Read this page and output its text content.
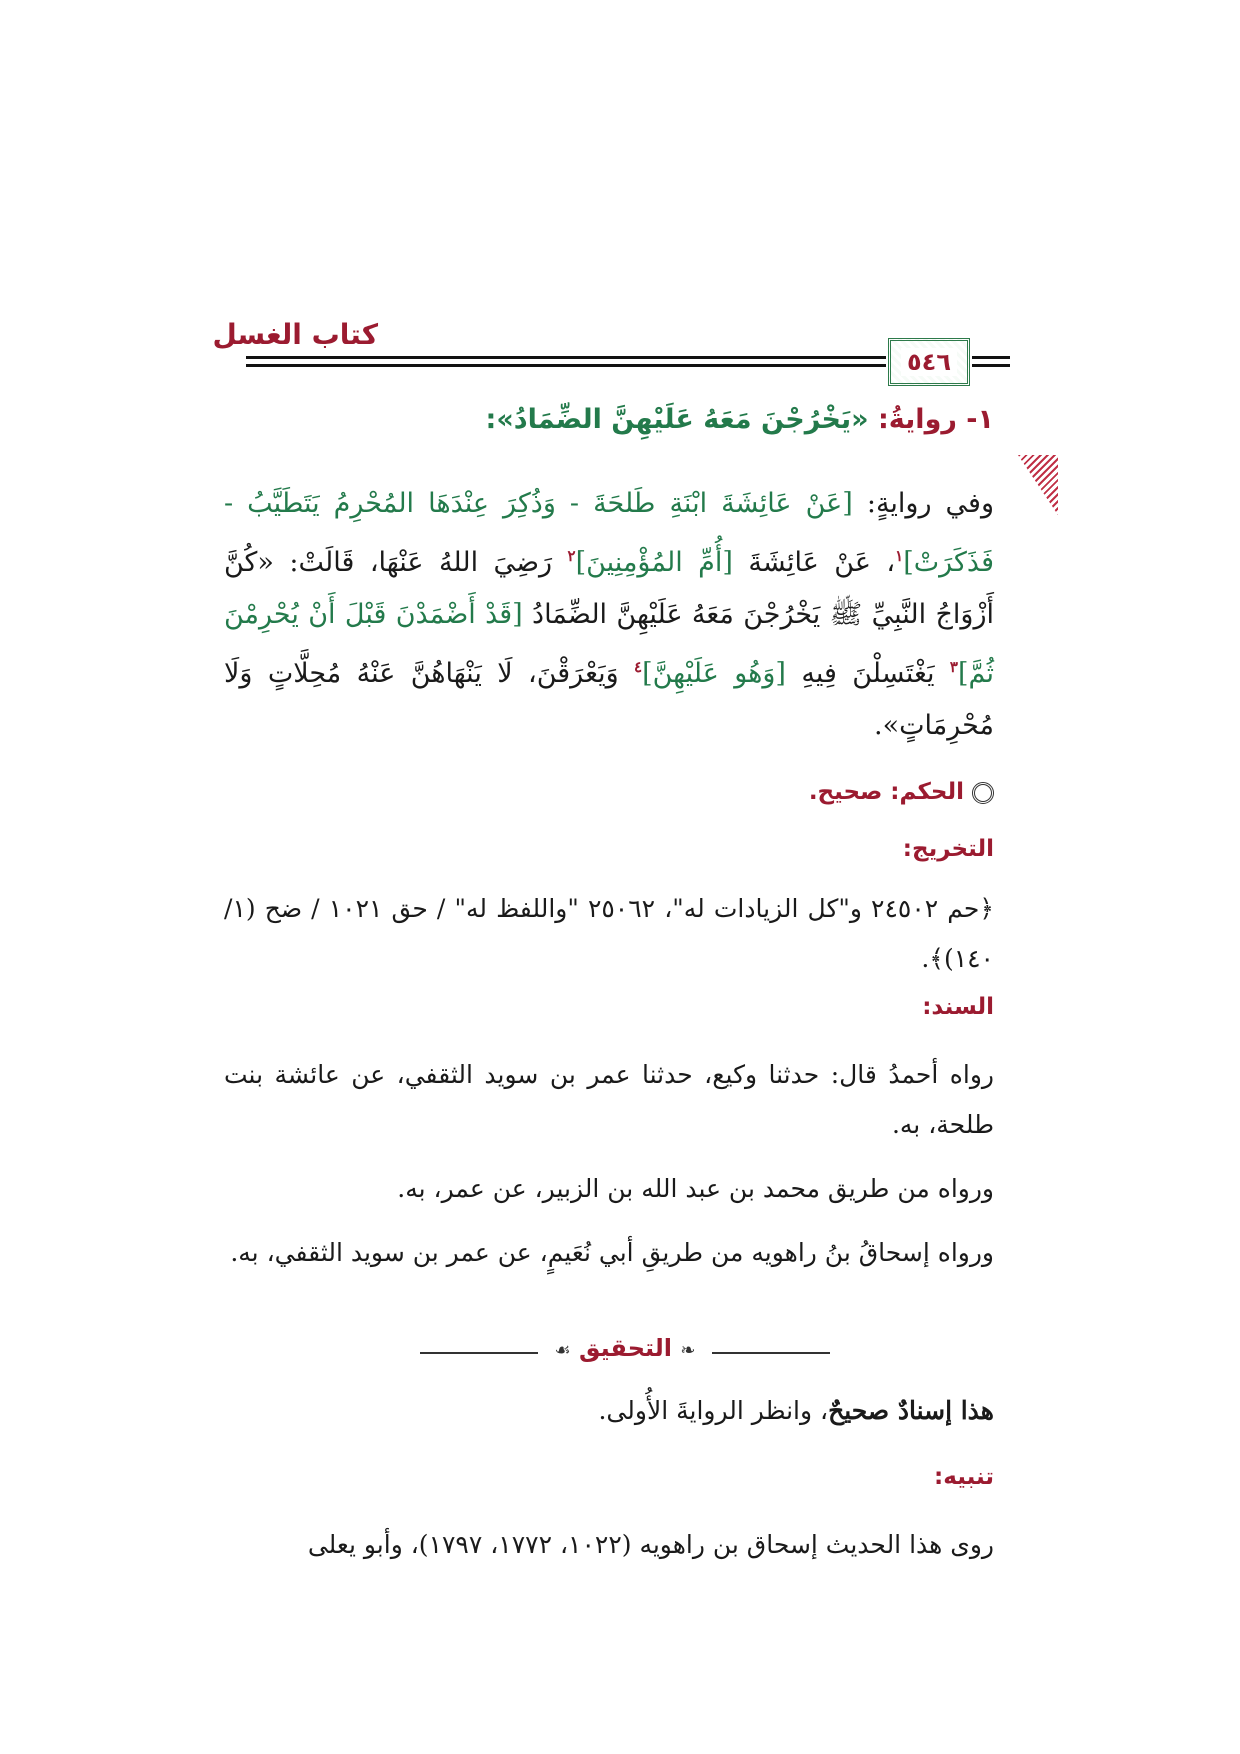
كتاب الغسل
٥٤٦
١- روايةُ: «يَخْرُجْنَ مَعَهُ عَلَيْهِنَّ الضِّمَادُ»:
وفي روايةٍ: [عَنْ عَائِشَةَ ابْنَةِ طَلحَةَ - وَذُكِرَ عِنْدَهَا المُحْرِمُ يَتَطَيَّبُ - فَذَكَرَتْ]$^١$، عَنْ عَائِشَةَ [أُمِّ المُؤْمِنِينَ]$^٢$ رَضِيَ اللهُ عَنْهَا، قَالَتْ: «كُنَّ أَزْوَاجُ النَّبِيِّ ﷺ يَخْرُجْنَ مَعَهُ عَلَيْهِنَّ الضِّمَادُ [قَدْ أَضْمَدْنَ قَبْلَ أَنْ يُحْرِمْنَ ثُمَّ]$^٣$ يَغْتَسِلْنَ فِيهِ [وَهُو عَلَيْهِنَّ]$^٤$ وَيَعْرَقْنَ، لَا يَنْهَاهُنَّ عَنْهُ مُحِلَّاتٍ وَلَا مُحْرِمَاتٍ».
الحكم: صحيح.
التخريج:
﴿حم ٢٤٥٠٢ و"كل الزيادات له"، ٢٥٠٦٢ "واللفظ له" / حق ١٠٢١ / ضح (١/ ١٤٠)﴾.
السند:
رواه أحمدُ قال: حدثنا وكيع، حدثنا عمر بن سويد الثقفي، عن عائشة بنت طلحة، به.
ورواه من طريق محمد بن عبد الله بن الزبير، عن عمر، به.
ورواه إسحاقُ بنُ راهويه من طريقِ أبي نُعَيمٍ، عن عمر بن سويد الثقفي، به.
❧ التحقيق ☙
هذا إسنادٌ صحيحٌ، وانظر الروايةَ الأُولى.
تنبيه:
روى هذا الحديث إسحاق بن راهويه (١٠٢٢، ١٧٧٢، ١٧٩٧)، وأبو يعلى
